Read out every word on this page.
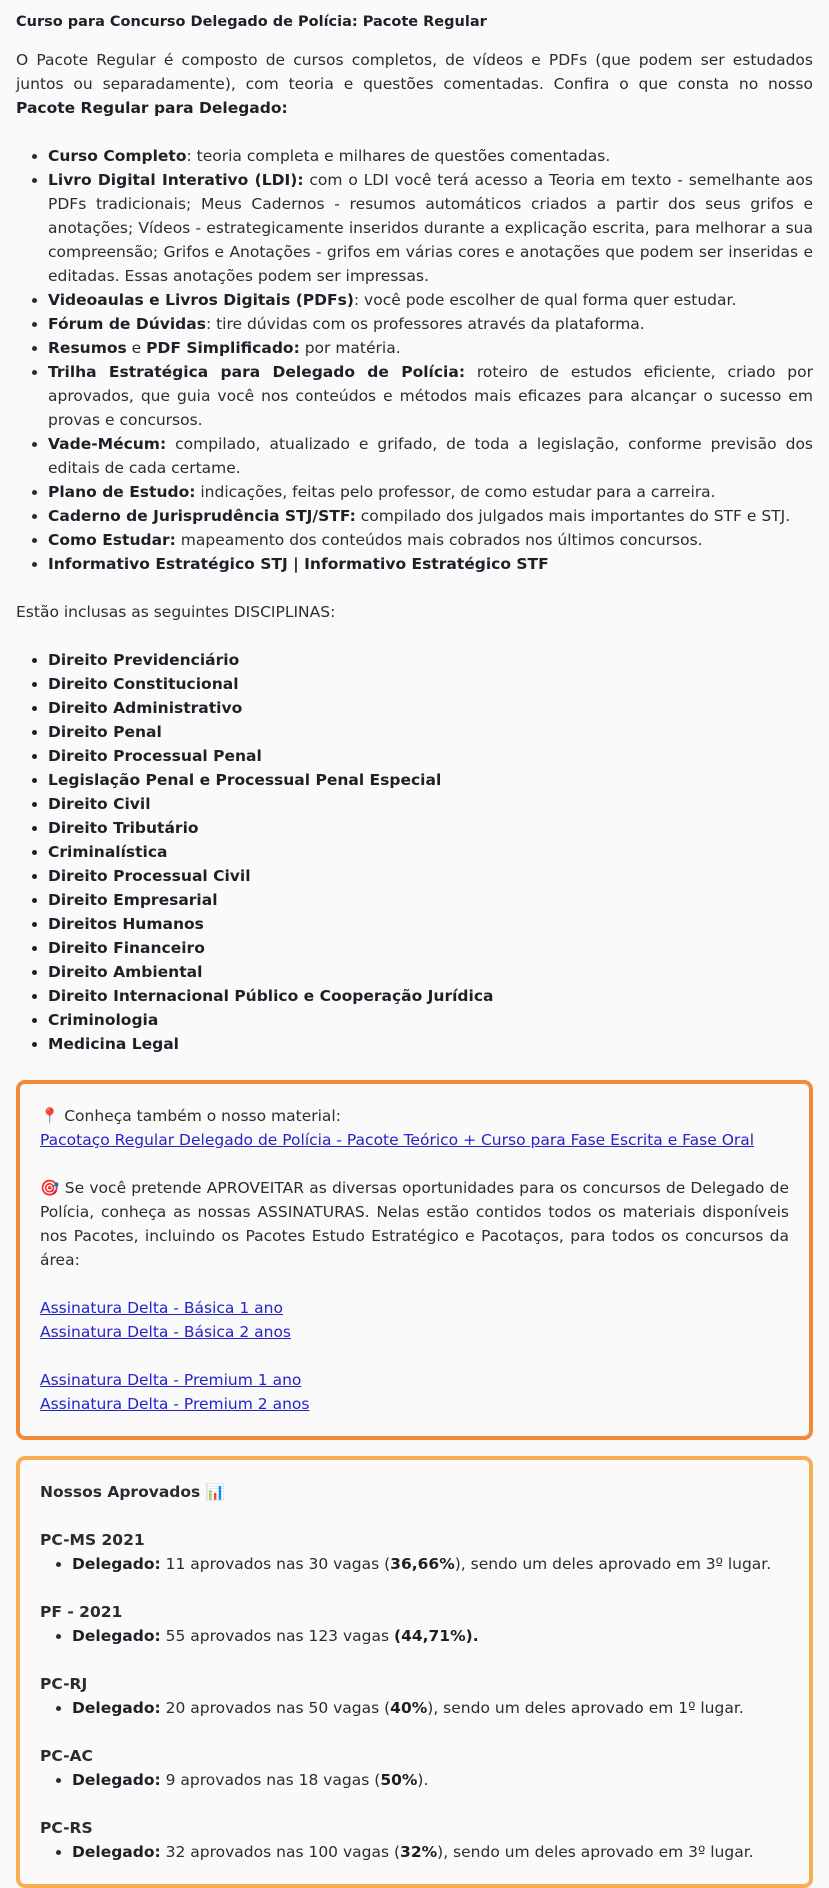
Curso para Concurso Delegado de Polícia: Pacote Regular

O Pacote Regular é composto de cursos completos, de vídeos e PDFs (que podem ser estudados juntos ou separadamente), com teoria e questões comentadas. Confira o que consta no nosso Pacote Regular para Delegado:

• Curso Completo: teoria completa e milhares de questões comentadas.
• Livro Digital Interativo (LDI): com o LDI você terá acesso a Teoria em texto - semelhante aos PDFs tradicionais; Meus Cadernos - resumos automáticos criados a partir dos seus grifos e anotações; Vídeos - estrategicamente inseridos durante a explicação escrita, para melhorar a sua compreensão; Grifos e Anotações - grifos em várias cores e anotações que podem ser inseridas e editadas. Essas anotações podem ser impressas.
• Videoaulas e Livros Digitais (PDFs): você pode escolher de qual forma quer estudar.
• Fórum de Dúvidas: tire dúvidas com os professores através da plataforma.
• Resumos e PDF Simplificado: por matéria.
• Trilha Estratégica para Delegado de Polícia: roteiro de estudos eficiente, criado por aprovados, que guia você nos conteúdos e métodos mais eficazes para alcançar o sucesso em provas e concursos.
• Vade-Mécum: compilado, atualizado e grifado, de toda a legislação, conforme previsão dos editais de cada certame.
• Plano de Estudo: indicações, feitas pelo professor, de como estudar para a carreira.
• Caderno de Jurisprudência STJ/STF: compilado dos julgados mais importantes do STF e STJ.
• Como Estudar: mapeamento dos conteúdos mais cobrados nos últimos concursos.
• Informativo Estratégico STJ | Informativo Estratégico STF

Estão inclusas as seguintes DISCIPLINAS:

• Direito Previdenciário
• Direito Constitucional
• Direito Administrativo
• Direito Penal
• Direito Processual Penal
• Legislação Penal e Processual Penal Especial
• Direito Civil
• Direito Tributário
• Criminalística
• Direito Processual Civil
• Direito Empresarial
• Direitos Humanos
• Direito Financeiro
• Direito Ambiental
• Direito Internacional Público e Cooperação Jurídica
• Criminologia
• Medicina Legal

📍 Conheça também o nosso material:

Pacotaço Regular Delegado de Polícia - Pacote Teórico + Curso para Fase Escrita e Fase Oral

🎯 Se você pretende APROVEITAR as diversas oportunidades para os concursos de Delegado de Polícia, conheça as nossas ASSINATURAS. Nelas estão contidos todos os materiais disponíveis nos Pacotes, incluindo os Pacotes Estudo Estratégico e Pacotaços, para todos os concursos da área:

Assinatura Delta - Básica 1 ano
Assinatura Delta - Básica 2 anos
Assinatura Delta - Premium 1 ano
Assinatura Delta - Premium 2 anos

Nossos Aprovados 📊

PC-MS 2021

• Delegado: 11 aprovados nas 30 vagas (36,66%), sendo um deles aprovado em 3º lugar.

PF - 2021

• Delegado: 55 aprovados nas 123 vagas (44,71%).

PC-RJ

• Delegado: 20 aprovados nas 50 vagas (40%), sendo um deles aprovado em 1º lugar.

PC-AC

• Delegado: 9 aprovados nas 18 vagas (50%).

PC-RS

• Delegado: 32 aprovados nas 100 vagas (32%), sendo um deles aprovado em 3º lugar.
